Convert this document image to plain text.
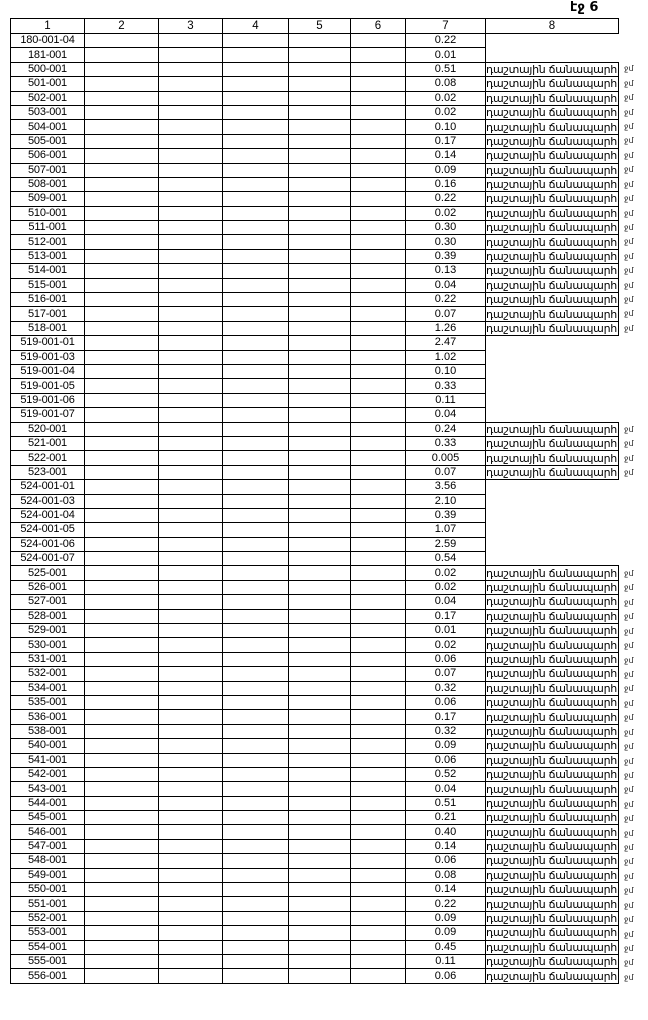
էջ 6
1	2	3	4	5	6	7	8
180-001-04						0.22	
181-001						0.01	
500-001						0.51	դաշտային ճանապարհ
501-001						0.08	դաշտային ճանապարհ
502-001						0.02	դաշտային ճանապարհ
503-001						0.02	դաշտային ճանապարհ
504-001						0.10	դաշտային ճանապարհ
505-001						0.17	դաշտային ճանապարհ
506-001						0.14	դաշտային ճանապարհ
507-001						0.09	դաշտային ճանապարհ
508-001						0.16	դաշտային ճանապարհ
509-001						0.22	դաշտային ճանապարհ
510-001						0.02	դաշտային ճանապարհ
511-001						0.30	դաշտային ճանապարհ
512-001						0.30	դաշտային ճանապարհ
513-001						0.39	դաշտային ճանապարհ
514-001						0.13	դաշտային ճանապարհ
515-001						0.04	դաշտային ճանապարհ
516-001						0.22	դաշտային ճանապարհ
517-001						0.07	դաշտային ճանապարհ
518-001						1.26	դաշտային ճանապարհ
519-001-01						2.47	
519-001-03						1.02	
519-001-04						0.10	
519-001-05						0.33	
519-001-06						0.11	
519-001-07						0.04	
520-001						0.24	դաշտային ճանապարհ
521-001						0.33	դաշտային ճանապարհ
522-001						0.005	դաշտային ճանապարհ
523-001						0.07	դաշտային ճանապարհ
524-001-01						3.56	
524-001-03						2.10	
524-001-04						0.39	
524-001-05						1.07	
524-001-06						2.59	
524-001-07						0.54	
525-001						0.02	դաշտային ճանապարհ
526-001						0.02	դաշտային ճանապարհ
527-001						0.04	դաշտային ճանապարհ
528-001						0.17	դաշտային ճանապարհ
529-001						0.01	դաշտային ճանապարհ
530-001						0.02	դաշտային ճանապարհ
531-001						0.06	դաշտային ճանապարհ
532-001						0.07	դաշտային ճանապարհ
534-001						0.32	դաշտային ճանապարհ
535-001						0.06	դաշտային ճանապարհ
536-001						0.17	դաշտային ճանապարհ
538-001						0.32	դաշտային ճանապարհ
540-001						0.09	դաշտային ճանապարհ
541-001						0.06	դաշտային ճանապարհ
542-001						0.52	դաշտային ճանապարհ
543-001						0.04	դաշտային ճանապարհ
544-001						0.51	դաշտային ճանապարհ
545-001						0.21	դաշտային ճանապարհ
546-001						0.40	դաշտային ճանապարհ
547-001						0.14	դաշտային ճանապարհ
548-001						0.06	դաշտային ճանապարհ
549-001						0.08	դաշտային ճանապարհ
550-001						0.14	դաշտային ճանապարհ
551-001						0.22	դաշտային ճանապարհ
552-001						0.09	դաշտային ճանապարհ
553-001						0.09	դաշտային ճանապարհ
554-001						0.45	դաշտային ճանապարհ
555-001						0.11	դաշտային ճանապարհ
556-001						0.06	դաշտային ճանապարհ
ջմ
ջմ
ջմ
ջմ
ջմ
ջմ
ջմ
ջմ
ջմ
ջմ
ջմ
ջմ
ջմ
ջմ
ջմ
ջմ
ջմ
ջմ
ջմ
ջմ
ջմ
ջմ
ջմ
ջմ
ջմ
ջմ
ջմ
ջմ
ջմ
ջմ
ջմ
ջմ
ջմ
ջմ
ջմ
ջմ
ջմ
ջմ
ջմ
ջմ
ջմ
ջմ
ջմ
ջմ
ջմ
ջմ
ջմ
ջմ
ջմ
ջմ
ջմ
ջմ
